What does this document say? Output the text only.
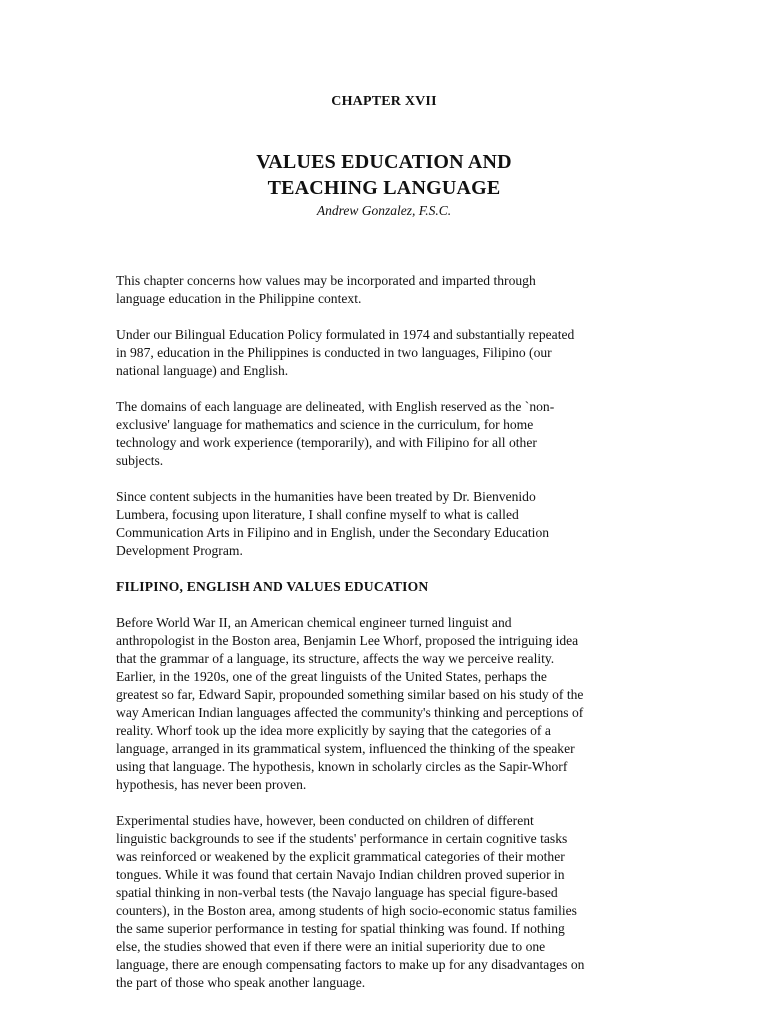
CHAPTER XVII
VALUES EDUCATION AND
TEACHING LANGUAGE
Andrew Gonzalez, F.S.C.
This chapter concerns how values may be incorporated and imparted through
language education in the Philippine context.
Under our Bilingual Education Policy formulated in 1974 and substantially repeated
in 987, education in the Philippines is conducted in two languages, Filipino (our
national language) and English.
The domains of each language are delineated, with English reserved as the `non-
exclusive' language for mathematics and science in the curriculum, for home
technology and work experience (temporarily), and with Filipino for all other
subjects.
Since content subjects in the humanities have been treated by Dr. Bienvenido
Lumbera, focusing upon literature, I shall confine myself to what is called
Communication Arts in Filipino and in English, under the Secondary Education
Development Program.
FILIPINO, ENGLISH AND VALUES EDUCATION
Before World War II, an American chemical engineer turned linguist and
anthropologist in the Boston area, Benjamin Lee Whorf, proposed the intriguing idea
that the grammar of a language, its structure, affects the way we perceive reality.
Earlier, in the 1920s, one of the great linguists of the United States, perhaps the
greatest so far, Edward Sapir, propounded something similar based on his study of the
way American Indian languages affected the community's thinking and perceptions of
reality. Whorf took up the idea more explicitly by saying that the categories of a
language, arranged in its grammatical system, influenced the thinking of the speaker
using that language. The hypothesis, known in scholarly circles as the Sapir-Whorf
hypothesis, has never been proven.
Experimental studies have, however, been conducted on children of different
linguistic backgrounds to see if the students' performance in certain cognitive tasks
was reinforced or weakened by the explicit grammatical categories of their mother
tongues. While it was found that certain Navajo Indian children proved superior in
spatial thinking in non-verbal tests (the Navajo language has special figure-based
counters), in the Boston area, among students of high socio-economic status families
the same superior performance in testing for spatial thinking was found. If nothing
else, the studies showed that even if there were an initial superiority due to one
language, there are enough compensating factors to make up for any disadvantages on
the part of those who speak another language.
